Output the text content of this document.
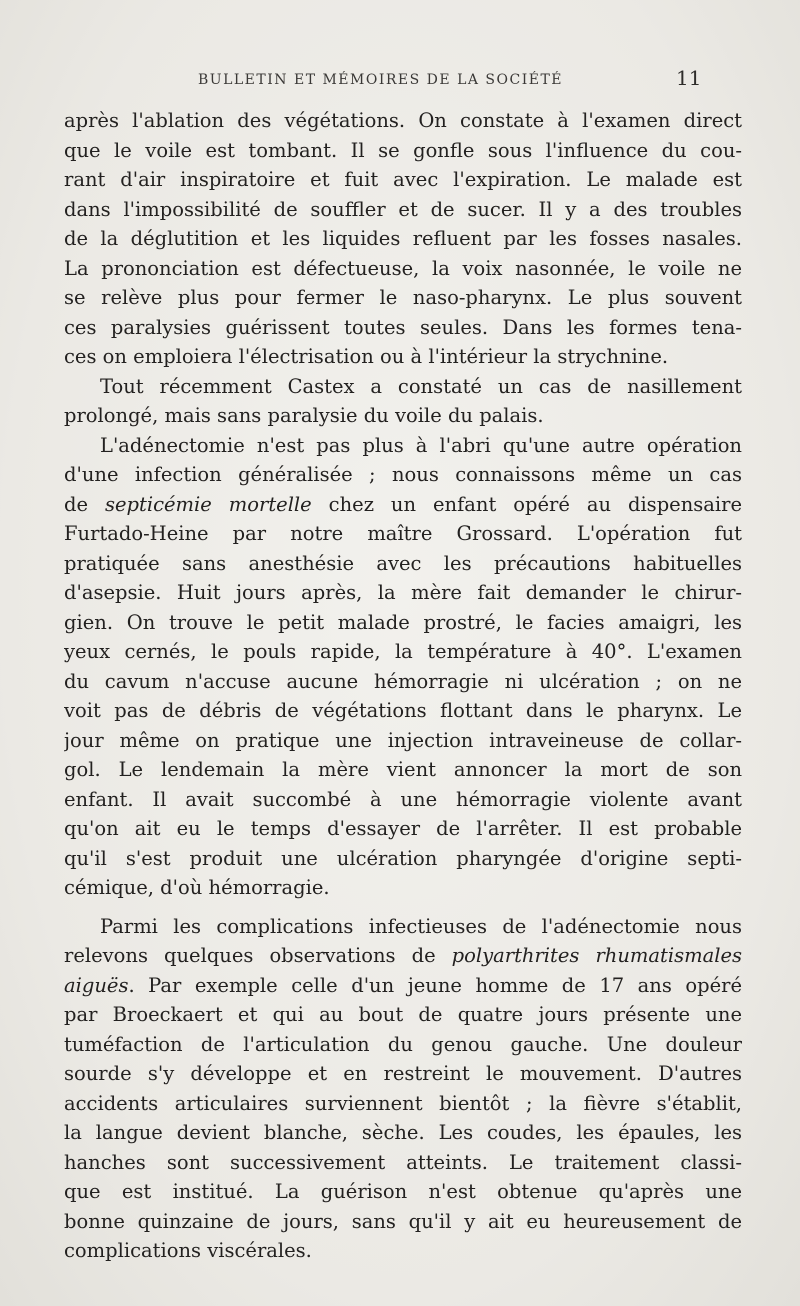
BULLETIN ET MÉMOIRES DE LA SOCIÉTÉ	11
après l'ablation des végétations. On constate à l'examen direct
que le voile est tombant. Il se gonfle sous l'influence du cou-
rant d'air inspiratoire et fuit avec l'expiration. Le malade est
dans l'impossibilité de souffler et de sucer. Il y a des troubles
de la déglutition et les liquides refluent par les fosses nasales.
La prononciation est défectueuse, la voix nasonnée, le voile ne
se relève plus pour fermer le naso-pharynx. Le plus souvent
ces paralysies guérissent toutes seules. Dans les formes tena-
ces on emploiera l'électrisation ou à l'intérieur la strychnine.
Tout récemment Castex a constaté un cas de nasillement
prolongé, mais sans paralysie du voile du palais.
L'adénectomie n'est pas plus à l'abri qu'une autre opération
d'une infection généralisée ; nous connaissons même un cas
de septicémie mortelle chez un enfant opéré au dispensaire
Furtado-Heine par notre maître Grossard. L'opération fut
pratiquée sans anesthésie avec les précautions habituelles
d'asepsie. Huit jours après, la mère fait demander le chirur-
gien. On trouve le petit malade prostré, le facies amaigri, les
yeux cernés, le pouls rapide, la température à 40°. L'examen
du cavum n'accuse aucune hémorragie ni ulcération ; on ne
voit pas de débris de végétations flottant dans le pharynx. Le
jour même on pratique une injection intraveineuse de collar-
gol. Le lendemain la mère vient annoncer la mort de son
enfant. Il avait succombé à une hémorragie violente avant
qu'on ait eu le temps d'essayer de l'arrêter. Il est probable
qu'il s'est produit une ulcération pharyngée d'origine septi-
cémique, d'où hémorragie.
Parmi les complications infectieuses de l'adénectomie nous
relevons quelques observations de polyarthrites rhumatismales
aiguës. Par exemple celle d'un jeune homme de 17 ans opéré
par Broeckaert et qui au bout de quatre jours présente une
tuméfaction de l'articulation du genou gauche. Une douleur
sourde s'y développe et en restreint le mouvement. D'autres
accidents articulaires surviennent bientôt ; la fièvre s'établit,
la langue devient blanche, sèche. Les coudes, les épaules, les
hanches sont successivement atteints. Le traitement classi-
que est institué. La guérison n'est obtenue qu'après une
bonne quinzaine de jours, sans qu'il y ait eu heureusement de
complications viscérales.
